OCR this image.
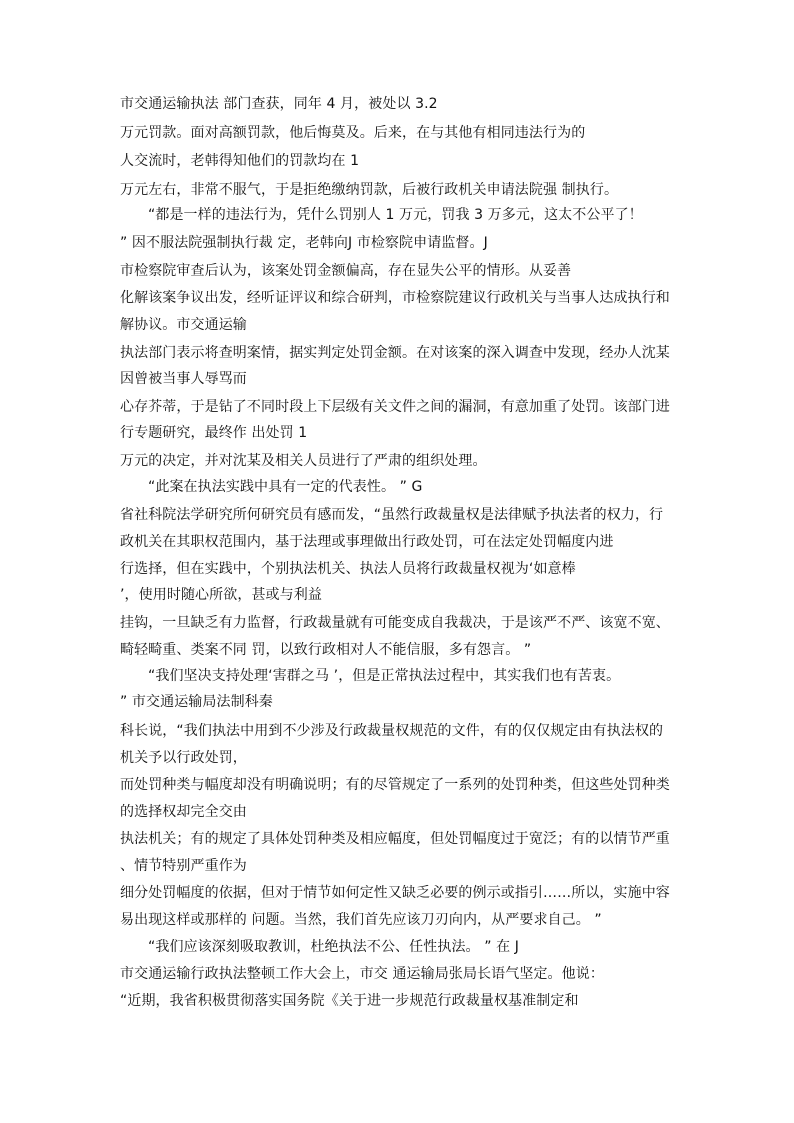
市交通运输执法 部门查获，同年 4 月，被处以 3.2
万元罚款。面对高额罚款，他后悔莫及。后来，在与其他有相同违法行为的
人交流时，老韩得知他们的罚款均在 1
万元左右，非常不服气，于是拒绝缴纳罚款，后被行政机关申请法院强 制执行。
“都是一样的违法行为，凭什么罚别人 1 万元，罚我 3 万多元，这太不公平了！
” 因不服法院强制执行裁 定，老韩向J 市检察院申请监督。J
市检察院审查后认为，该案处罚金额偏高，存在显失公平的情形。从妥善
化解该案争议出发，经听证评议和综合研判，市检察院建议行政机关与当事人达成执行和
解协议。市交通运输
执法部门表示将查明案情，据实判定处罚金额。在对该案的深入调查中发现，经办人沈某
因曾被当事人辱骂而
心存芥蒂，于是钻了不同时段上下层级有关文件之间的漏洞，有意加重了处罚。该部门进
行专题研究，最终作 出处罚 1
万元的决定，并对沈某及相关人员进行了严肃的组织处理。
“此案在执法实践中具有一定的代表性。 ” G
省社科院法学研究所何研究员有感而发，“虽然行政裁量权是法律赋予执法者的权力，行
政机关在其职权范围内，基于法理或事理做出行政处罚，可在法定处罚幅度内进
行选择，但在实践中，个别执法机关、执法人员将行政裁量权视为‘如意棒
’，使用时随心所欲，甚或与利益
挂钩，一旦缺乏有力监督，行政裁量就有可能变成自我裁决，于是该严不严、该宽不宽、
畸轻畸重、类案不同 罚，以致行政相对人不能信服，多有怨言。 ”
“我们坚决支持处理‘害群之马 ’，但是正常执法过程中，其实我们也有苦衷。
” 市交通运输局法制科秦
科长说，“我们执法中用到不少涉及行政裁量权规范的文件，有的仅仅规定由有执法权的
机关予以行政处罚，
而处罚种类与幅度却没有明确说明；有的尽管规定了一系列的处罚种类，但这些处罚种类
的选择权却完全交由
执法机关；有的规定了具体处罚种类及相应幅度，但处罚幅度过于宽泛；有的以情节严重
、情节特别严重作为
细分处罚幅度的依据，但对于情节如何定性又缺乏必要的例示或指引……所以，实施中容
易出现这样或那样的 问题。当然，我们首先应该刀刃向内，从严要求自己。 ”
“我们应该深刻吸取教训，杜绝执法不公、任性执法。 ” 在 J
市交通运输行政执法整顿工作大会上，市交 通运输局张局长语气坚定。他说：
“近期，我省积极贯彻落实国务院《关于进一步规范行政裁量权基准制定和
